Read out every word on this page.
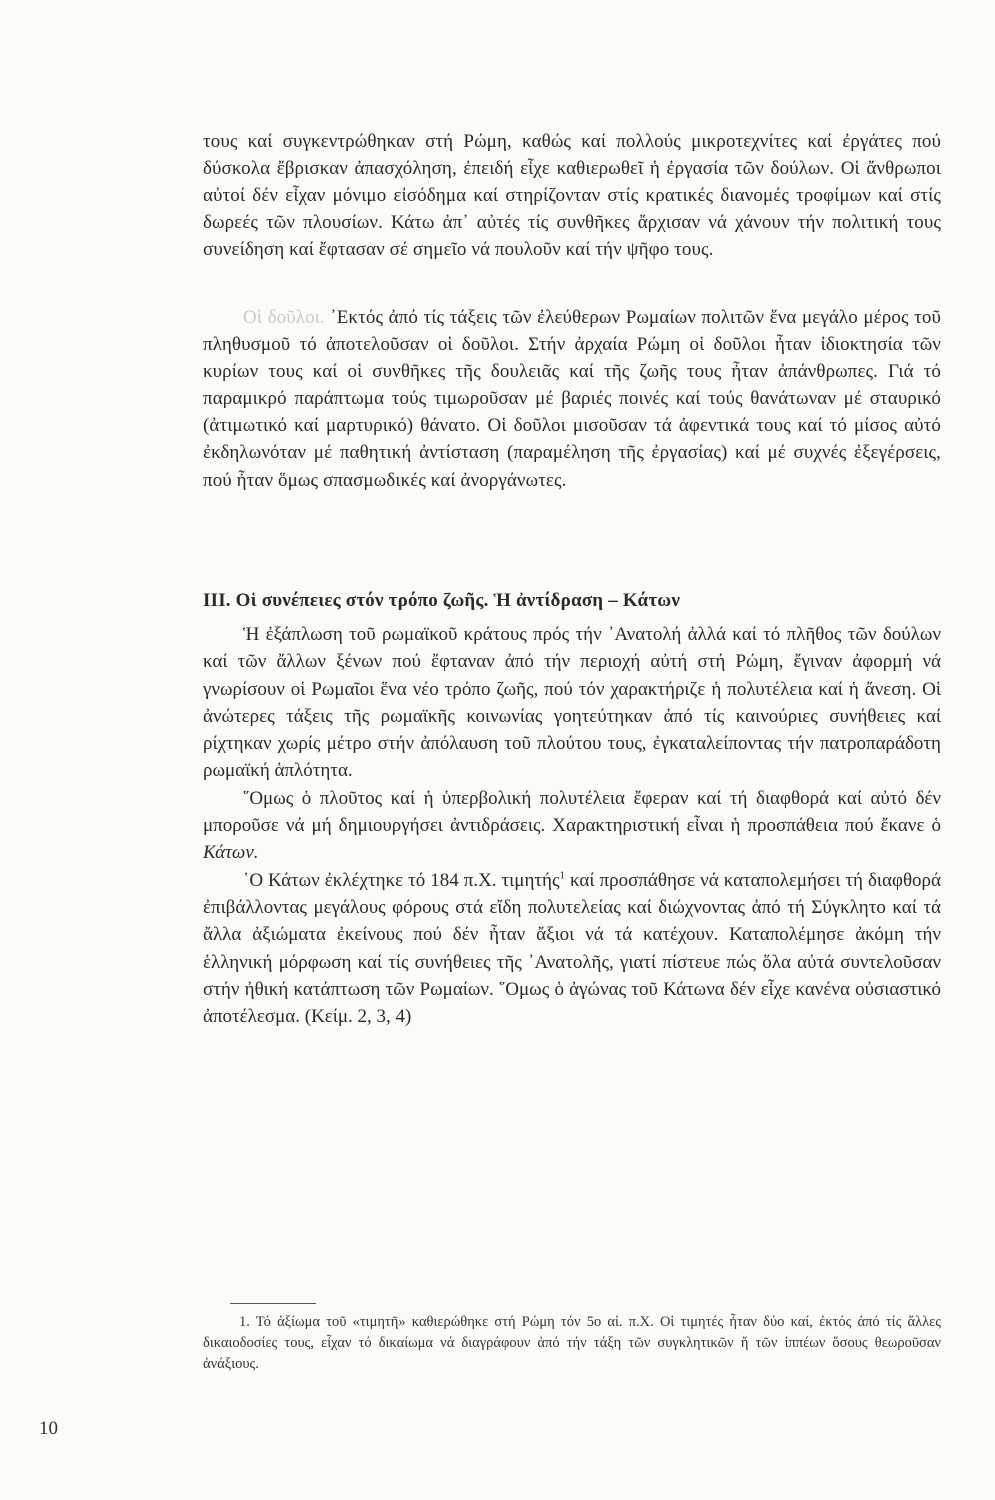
τους καί συγκεντρώθηκαν στή Ρώμη, καθώς καί πολλούς μικροτεχνίτες καί ἐργάτες πού δύσκολα ἔβρισκαν ἀπασχόληση, ἐπειδή εἶχε καθιερωθεῖ ἡ ἐργασία τῶν δούλων. Οἱ ἄνθρωποι αὐτοί δέν εἶχαν μόνιμο εἰσόδημα καί στηρίζονταν στίς κρατικές διανομές τροφίμων καί στίς δωρεές τῶν πλουσίων. Κάτω ἀπ᾽ αὐτές τίς συνθῆκες ἄρχισαν νά χάνουν τήν πολιτική τους συνείδηση καί ἔφτασαν σέ σημεῖο νά πουλοῦν καί τήν ψῆφο τους.

Οἱ δοῦλοι. ᾿Εκτός ἀπό τίς τάξεις τῶν ἐλεύθερων Ρωμαίων πολιτῶν ἕνα μεγάλο μέρος τοῦ πληθυσμοῦ τό ἀποτελοῦσαν οἱ δοῦλοι. Στήν ἀρχαία Ρώμη οἱ δοῦλοι ἦταν ἰδιοκτησία τῶν κυρίων τους καί οἱ συνθῆκες τῆς δουλειᾶς καί τῆς ζωῆς τους ἦταν ἀπάνθρωπες. Γιά τό παραμικρό παράπτωμα τούς τιμωροῦσαν μέ βαριές ποινές καί τούς θανάτωναν μέ σταυρικό (ἀτιμωτικό καί μαρτυρικό) θάνατο. Οἱ δοῦλοι μισοῦσαν τά ἀφεντικά τους καί τό μίσος αὐτό ἐκδηλωνόταν μέ παθητική ἀντίσταση (παραμέληση τῆς ἐργασίας) καί μέ συχνές ἐξεγέρσεις, πού ἦταν ὅμως σπασμωδικές καί ἀνοργάνωτες.

III. Οἱ συνέπειες στόν τρόπο ζωῆς. Ἡ ἀντίδραση – Κάτων

Ἡ ἐξάπλωση τοῦ ρωμαϊκοῦ κράτους πρός τήν ᾿Ανατολή ἀλλά καί τό πλῆθος τῶν δούλων καί τῶν ἄλλων ξένων πού ἔφταναν ἀπό τήν περιοχή αὐτή στή Ρώμη, ἔγιναν ἀφορμή νά γνωρίσουν οἱ Ρωμαῖοι ἕνα νέο τρόπο ζωῆς, πού τόν χαρακτήριζε ἡ πολυτέλεια καί ἡ ἄνεση. Οἱ ἀνώτερες τάξεις τῆς ρωμαϊκῆς κοινωνίας γοητεύτηκαν ἀπό τίς καινούριες συνήθειες καί ρίχτηκαν χωρίς μέτρο στήν ἀπόλαυση τοῦ πλούτου τους, ἐγκαταλείποντας τήν πατροπαράδοτη ρωμαϊκή ἁπλότητα.

῞Ομως ὁ πλοῦτος καί ἡ ὑπερβολική πολυτέλεια ἔφεραν καί τή διαφθορά καί αὐτό δέν μποροῦσε νά μή δημιουργήσει ἀντιδράσεις. Χαρακτηριστική εἶναι ἡ προσπάθεια πού ἔκανε ὁ Κάτων.

῾Ο Κάτων ἐκλέχτηκε τό 184 π.Χ. τιμητής$^1$ καί προσπάθησε νά καταπολεμήσει τή διαφθορά ἐπιβάλλοντας μεγάλους φόρους στά εἴδη πολυτελείας καί διώχνοντας ἀπό τή Σύγκλητο καί τά ἄλλα ἀξιώματα ἐκείνους πού δέν ἦταν ἄξιοι νά τά κατέχουν. Καταπολέμησε ἀκόμη τήν ἑλληνική μόρφωση καί τίς συνήθειες τῆς ᾿Ανατολῆς, γιατί πίστευε πώς ὅλα αὐτά συντελοῦσαν στήν ἠθική κατάπτωση τῶν Ρωμαίων. ῞Ομως ὁ ἀγώνας τοῦ Κάτωνα δέν εἶχε κανένα οὐσιαστικό ἀποτέλεσμα. (Κείμ. 2, 3, 4)

1. Τό ἀξίωμα τοῦ «τιμητῆ» καθιερώθηκε στή Ρώμη τόν 5ο αἰ. π.Χ. Οἱ τιμητές ἦταν δύο καί, ἐκτός ἀπό τίς ἄλλες δικαιοδοσίες τους, εἶχαν τό δικαίωμα νά διαγράφουν ἀπό τήν τάξη τῶν συγκλητικῶν ἤ τῶν ἱππέων ὅσους θεωροῦσαν ἀνάξιους.
10
